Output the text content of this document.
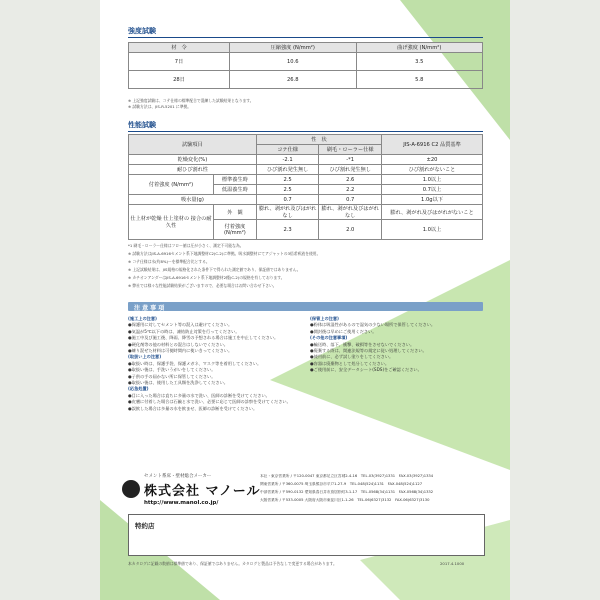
強度試験
材　令	圧縮強度 (N/mm²)	曲げ強度 (N/mm²)
7日	10.6	3.5
28日	26.8	5.8
※ 上記強度試験は、コテ仕様の標準配合で混練した試験結果となります。
※ 試験方法は、JIS-R-5201 に準拠。
性能試験
試験項目		性　状		JIS-A-6916 C2 品質基準
		コテ仕様	刷毛・ローラー仕様	
乾燥変化(%)		-2.1	-*1	±20
耐ひび割れ性		ひび割れ発生無し	ひび割れ発生無し	ひび割れがないこと
付着強度 (N/mm²)	標準養生時	2.5	2.6	1.0以上
	低温養生時	2.5	2.2	0.7以上
吸水量(g)		0.7	0.7	1.0g以下
仕上材が乾燥 仕上塗材の 接合の耐久性	外　観	膨れ、剥がれ及びはがれなし	膨れ、剥がれ及びはがれなし	膨れ、剥がれ及びはがれがないこと
	付着強度 (N/mm²)	2.3	2.0	1.0以上
*1 刷毛・ローラー仕様はフロー値は圧が小さく、測定不可能な為。
※ 試験方法はJIS-A-6916セメント系下地調整材C2(C-2)に準拠。吸水調整材にてアジャットの3倍希釈液を使用。
※ コテ仕様は水(約8%)ーを標準配合比とする。
※ 上記試験結果は、JIS規格の規格化された条件下で得られた測定値であり、保証値ではありません。
※ カチオンアンダーはJIS-A-6916セメント系下地調整材2種(C-2)の規格を有しております。
※ 弊社では様々な性能試験結果がございますので、必要な場合はお問い合わせ下さい。
注 意 事 項
(施工上の注意)
●保護用に対してセメント等の混入は避けてください。
●気温が5℃以下の時は、凍結防止対策を行ってください。
●施工中及び施工後、降雨、降雪の予想される場合は施工を中止してください。
●硬化剤等の他の材料との混合はしないでください。
●練り混ぜた材料は可使時間内に使いきってください。
(取扱い上の注意)
●取扱い時は、保護手袋、保護メガネ、マスク等を着用してください。
●取扱い後は、手洗いうがいをしてください。
●子供の手の届かない所に保管してください。
●取扱い後は、使用した工具類を洗浄してください。
(応急処置)
●目に入った場合は直ちに多量の水で洗い、医師の診断を受けてください。
●皮膚に付着した場合は石鹸と水で洗い、必要に応じて医師の診察を受けてください。
●誤飲した場合は多量の水を飲ませ、医師の診断を受けてください。
(保管上の注意)
●粉体は吸湿性があるので湿気の少ない場所で保管してください。
●開封後は早めにご使用ください。
(その他の注意事項)
●輸送時、落下、衝撃、破損等をさせないでください。
●廃棄する際は、関連法規等の規定に従い処理してください。
●使用前に、必ず試し塗りをしてください。
●容器は廃棄物として処分してください。
●ご使用前に、安全データシート(SDS)をご確認ください。
セメント系床・壁材総合メーカー
株式会社 マノール
http://www.manol.co.jp/
本社・東京営業所 / 〒120-0047 東京都足立区宮城2-4-16　TEL.03(3927)1331　FAX.03(3927)1334
関東営業所 / 〒360-0075 埼玉県熊谷市平戸1-27-9　TEL.048(524)1131　FAX.048(524)1127
中部営業所 / 〒590-0132 愛知県春日井市鳥居松町3-1-17　TEL.0568(34)1131　FAX.0568(34)1332
大阪営業所 / 〒533-0005 大阪府大阪市東淀川区1-1-26　TEL.06(6327)3132　FAX.06(6327)3130
特約店
本カタログに記載の数値は標準値であり、保証値ではありません。カタログと製品は予告なしで変更する場合があります。	2017.4.1000
